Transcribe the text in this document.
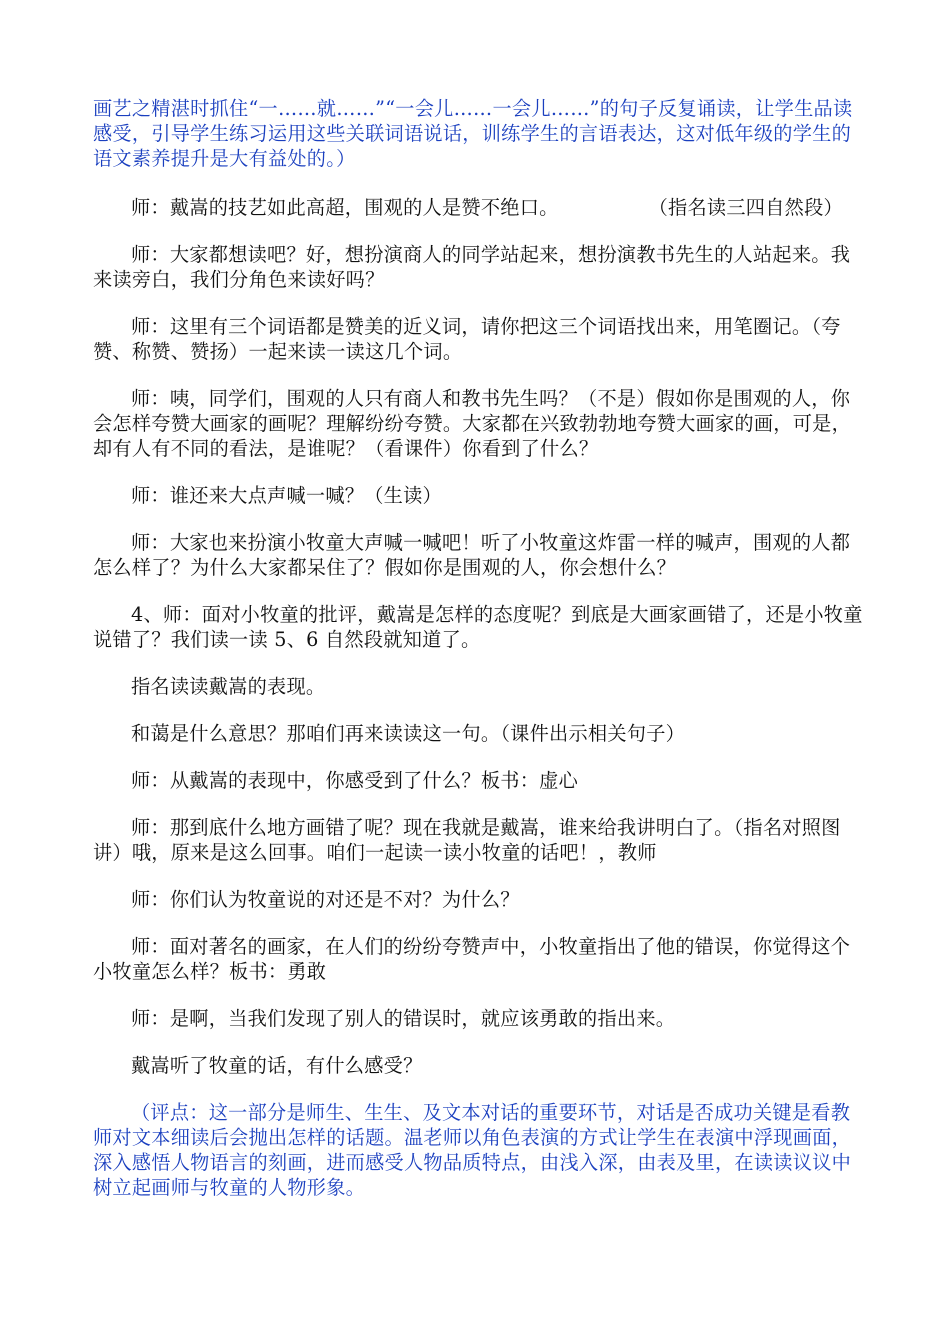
画艺之精湛时抓住“一……就……”“一会儿……一会儿……”的句子反复诵读，让学生品读感受，引导学生练习运用这些关联词语说话，训练学生的言语表达，这对低年级的学生的语文素养提升是大有益处的。）

师：戴嵩的技艺如此高超，围观的人是赞不绝口。	（指名读三四自然段）

师：大家都想读吧？好，想扮演商人的同学站起来，想扮演教书先生的人站起来。我来读旁白，我们分角色来读好吗？

师：这里有三个词语都是赞美的近义词，请你把这三个词语找出来，用笔圈记。（夸赞、称赞、赞扬）一起来读一读这几个词。

师：咦，同学们，围观的人只有商人和教书先生吗？（不是）假如你是围观的人，你会怎样夸赞大画家的画呢？理解纷纷夸赞。大家都在兴致勃勃地夸赞大画家的画，可是，却有人有不同的看法，是谁呢？（看课件）你看到了什么？

师：谁还来大点声喊一喊？（生读）

师：大家也来扮演小牧童大声喊一喊吧！听了小牧童这炸雷一样的喊声，围观的人都怎么样了？为什么大家都呆住了？假如你是围观的人，你会想什么？

4、师：面对小牧童的批评，戴嵩是怎样的态度呢？到底是大画家画错了，还是小牧童说错了？我们读一读 5、6 自然段就知道了。

指名读读戴嵩的表现。

和蔼是什么意思？那咱们再来读读这一句。（课件出示相关句子）

师：从戴嵩的表现中，你感受到了什么？板书：虚心

师：那到底什么地方画错了呢？现在我就是戴嵩，谁来给我讲明白了。（指名对照图讲）哦，原来是这么回事。咱们一起读一读小牧童的话吧！，教师

师：你们认为牧童说的对还是不对？为什么？

师：面对著名的画家，在人们的纷纷夸赞声中，小牧童指出了他的错误，你觉得这个小牧童怎么样？板书：勇敢

师：是啊，当我们发现了别人的错误时，就应该勇敢的指出来。

戴嵩听了牧童的话，有什么感受？

（评点：这一部分是师生、生生、及文本对话的重要环节，对话是否成功关键是看教师对文本细读后会抛出怎样的话题。温老师以角色表演的方式让学生在表演中浮现画面，深入感悟人物语言的刻画，进而感受人物品质特点，由浅入深，由表及里，在读读议议中树立起画师与牧童的人物形象。
